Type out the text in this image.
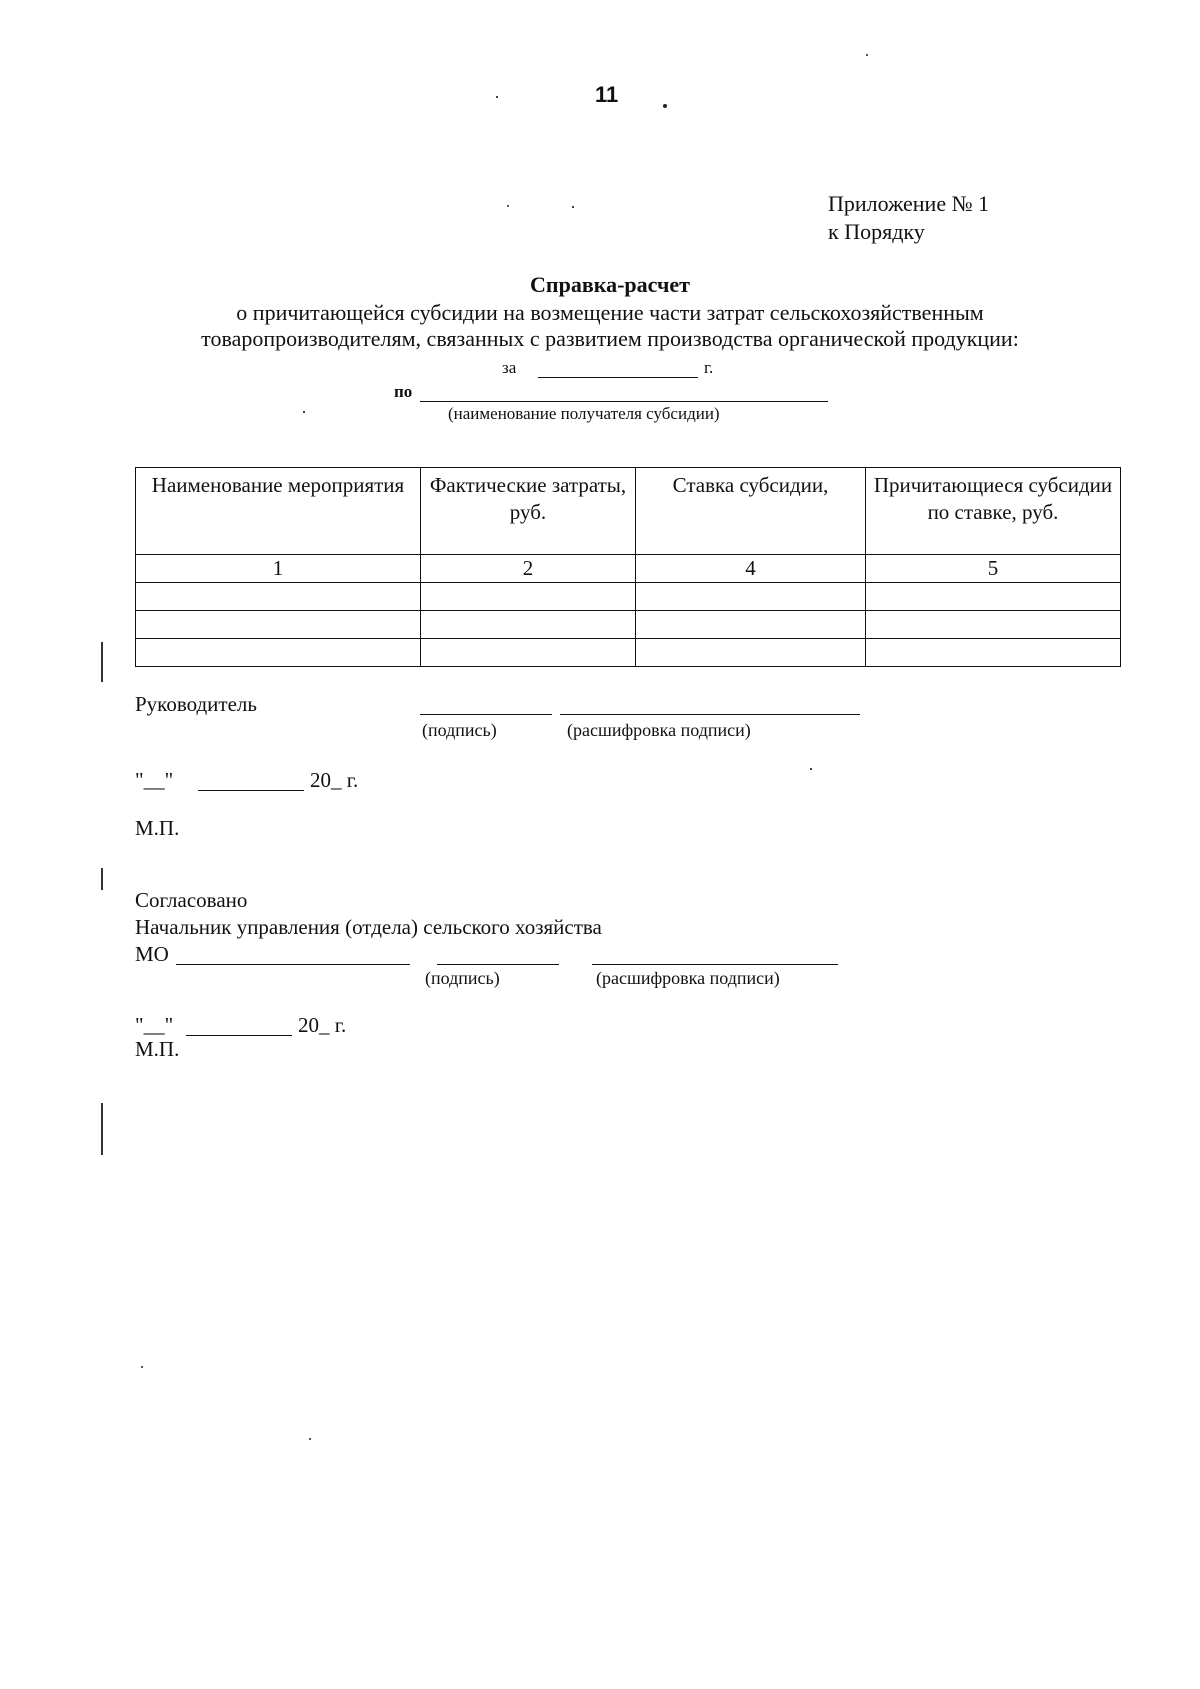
11
Приложение № 1
к Порядку
Справка-расчет
о причитающейся субсидии на возмещение части затрат сельскохозяйственным
товаропроизводителям, связанных с развитием производства органической продукции:
за	г.
по
(наименование получателя субсидии)
Наименование мероприятия	Фактические затраты, руб.	Ставка субсидии,	Причитающиеся субсидии по ставке, руб.
1	2	4	5

Руководитель
(подпись)	(расшифровка подписи)
"__"	20_ г.
М.П.
Согласовано
Начальник управления (отдела) сельского хозяйства
МО
(подпись)	(расшифровка подписи)
"__"	20_ г.
М.П.
